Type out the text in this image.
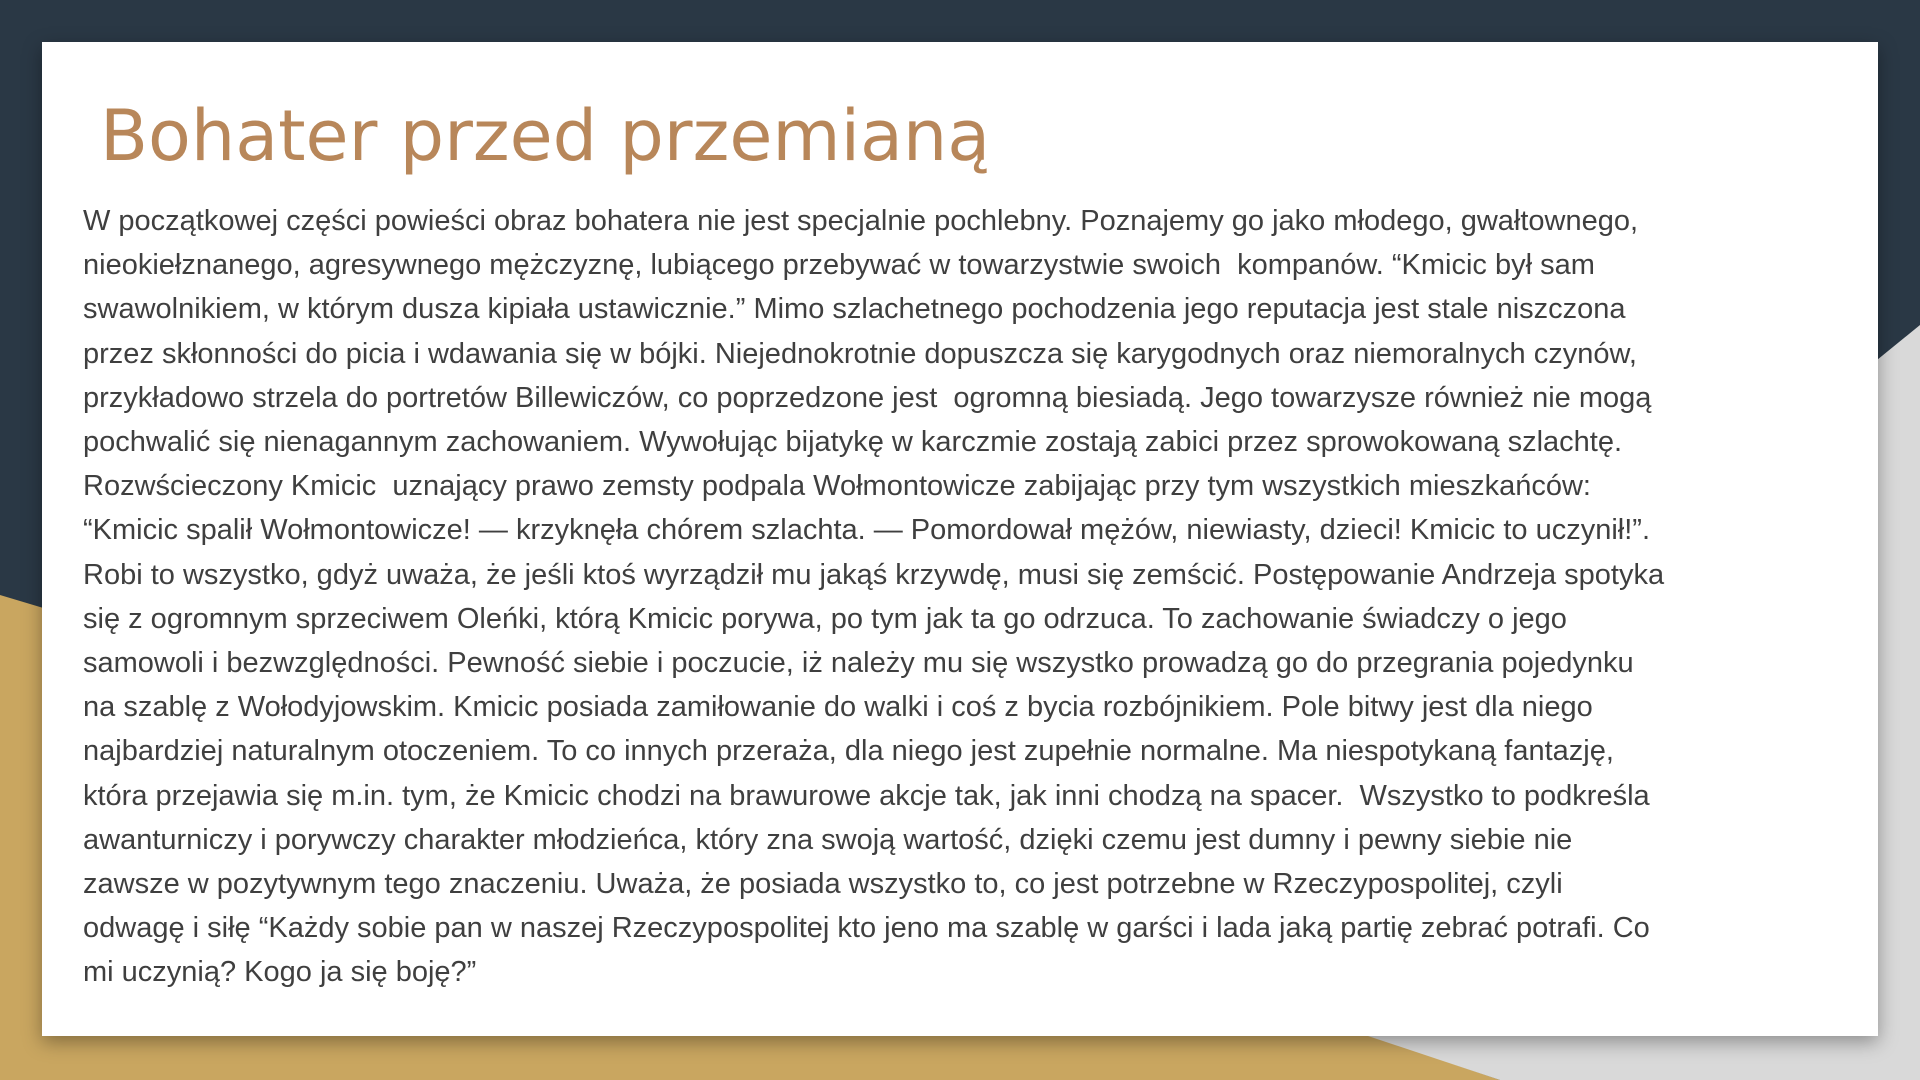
Bohater przed przemianą
W początkowej części powieści obraz bohatera nie jest specjalnie pochlebny. Poznajemy go jako młodego, gwałtownego,
nieokiełznanego, agresywnego mężczyznę, lubiącego przebywać w towarzystwie swoich  kompanów. “Kmicic był sam
swawolnikiem, w którym dusza kipiała ustawicznie.” Mimo szlachetnego pochodzenia jego reputacja jest stale niszczona
przez skłonności do picia i wdawania się w bójki. Niejednokrotnie dopuszcza się karygodnych oraz niemoralnych czynów,
przykładowo strzela do portretów Billewiczów, co poprzedzone jest  ogromną biesiadą. Jego towarzysze również nie mogą
pochwalić się nienagannym zachowaniem. Wywołując bijatykę w karczmie zostają zabici przez sprowokowaną szlachtę.
Rozwścieczony Kmicic  uznający prawo zemsty podpala Wołmontowicze zabijając przy tym wszystkich mieszkańców:
“Kmicic spalił Wołmontowicze! — krzyknęła chórem szlachta. — Pomordował mężów, niewiasty, dzieci! Kmicic to uczynił!”.
Robi to wszystko, gdyż uważa, że jeśli ktoś wyrządził mu jakąś krzywdę, musi się zemścić. Postępowanie Andrzeja spotyka
się z ogromnym sprzeciwem Oleńki, którą Kmicic porywa, po tym jak ta go odrzuca. To zachowanie świadczy o jego
samowoli i bezwzględności. Pewność siebie i poczucie, iż należy mu się wszystko prowadzą go do przegrania pojedynku
na szablę z Wołodyjowskim. Kmicic posiada zamiłowanie do walki i coś z bycia rozbójnikiem. Pole bitwy jest dla niego
najbardziej naturalnym otoczeniem. To co innych przeraża, dla niego jest zupełnie normalne. Ma niespotykaną fantazję,
która przejawia się m.in. tym, że Kmicic chodzi na brawurowe akcje tak, jak inni chodzą na spacer.  Wszystko to podkreśla
awanturniczy i porywczy charakter młodzieńca, który zna swoją wartość, dzięki czemu jest dumny i pewny siebie nie
zawsze w pozytywnym tego znaczeniu. Uważa, że posiada wszystko to, co jest potrzebne w Rzeczypospolitej, czyli
odwagę i siłę “Każdy sobie pan w naszej Rzeczypospolitej kto jeno ma szablę w garści i lada jaką partię zebrać potrafi. Co
mi uczynią? Kogo ja się boję?”
